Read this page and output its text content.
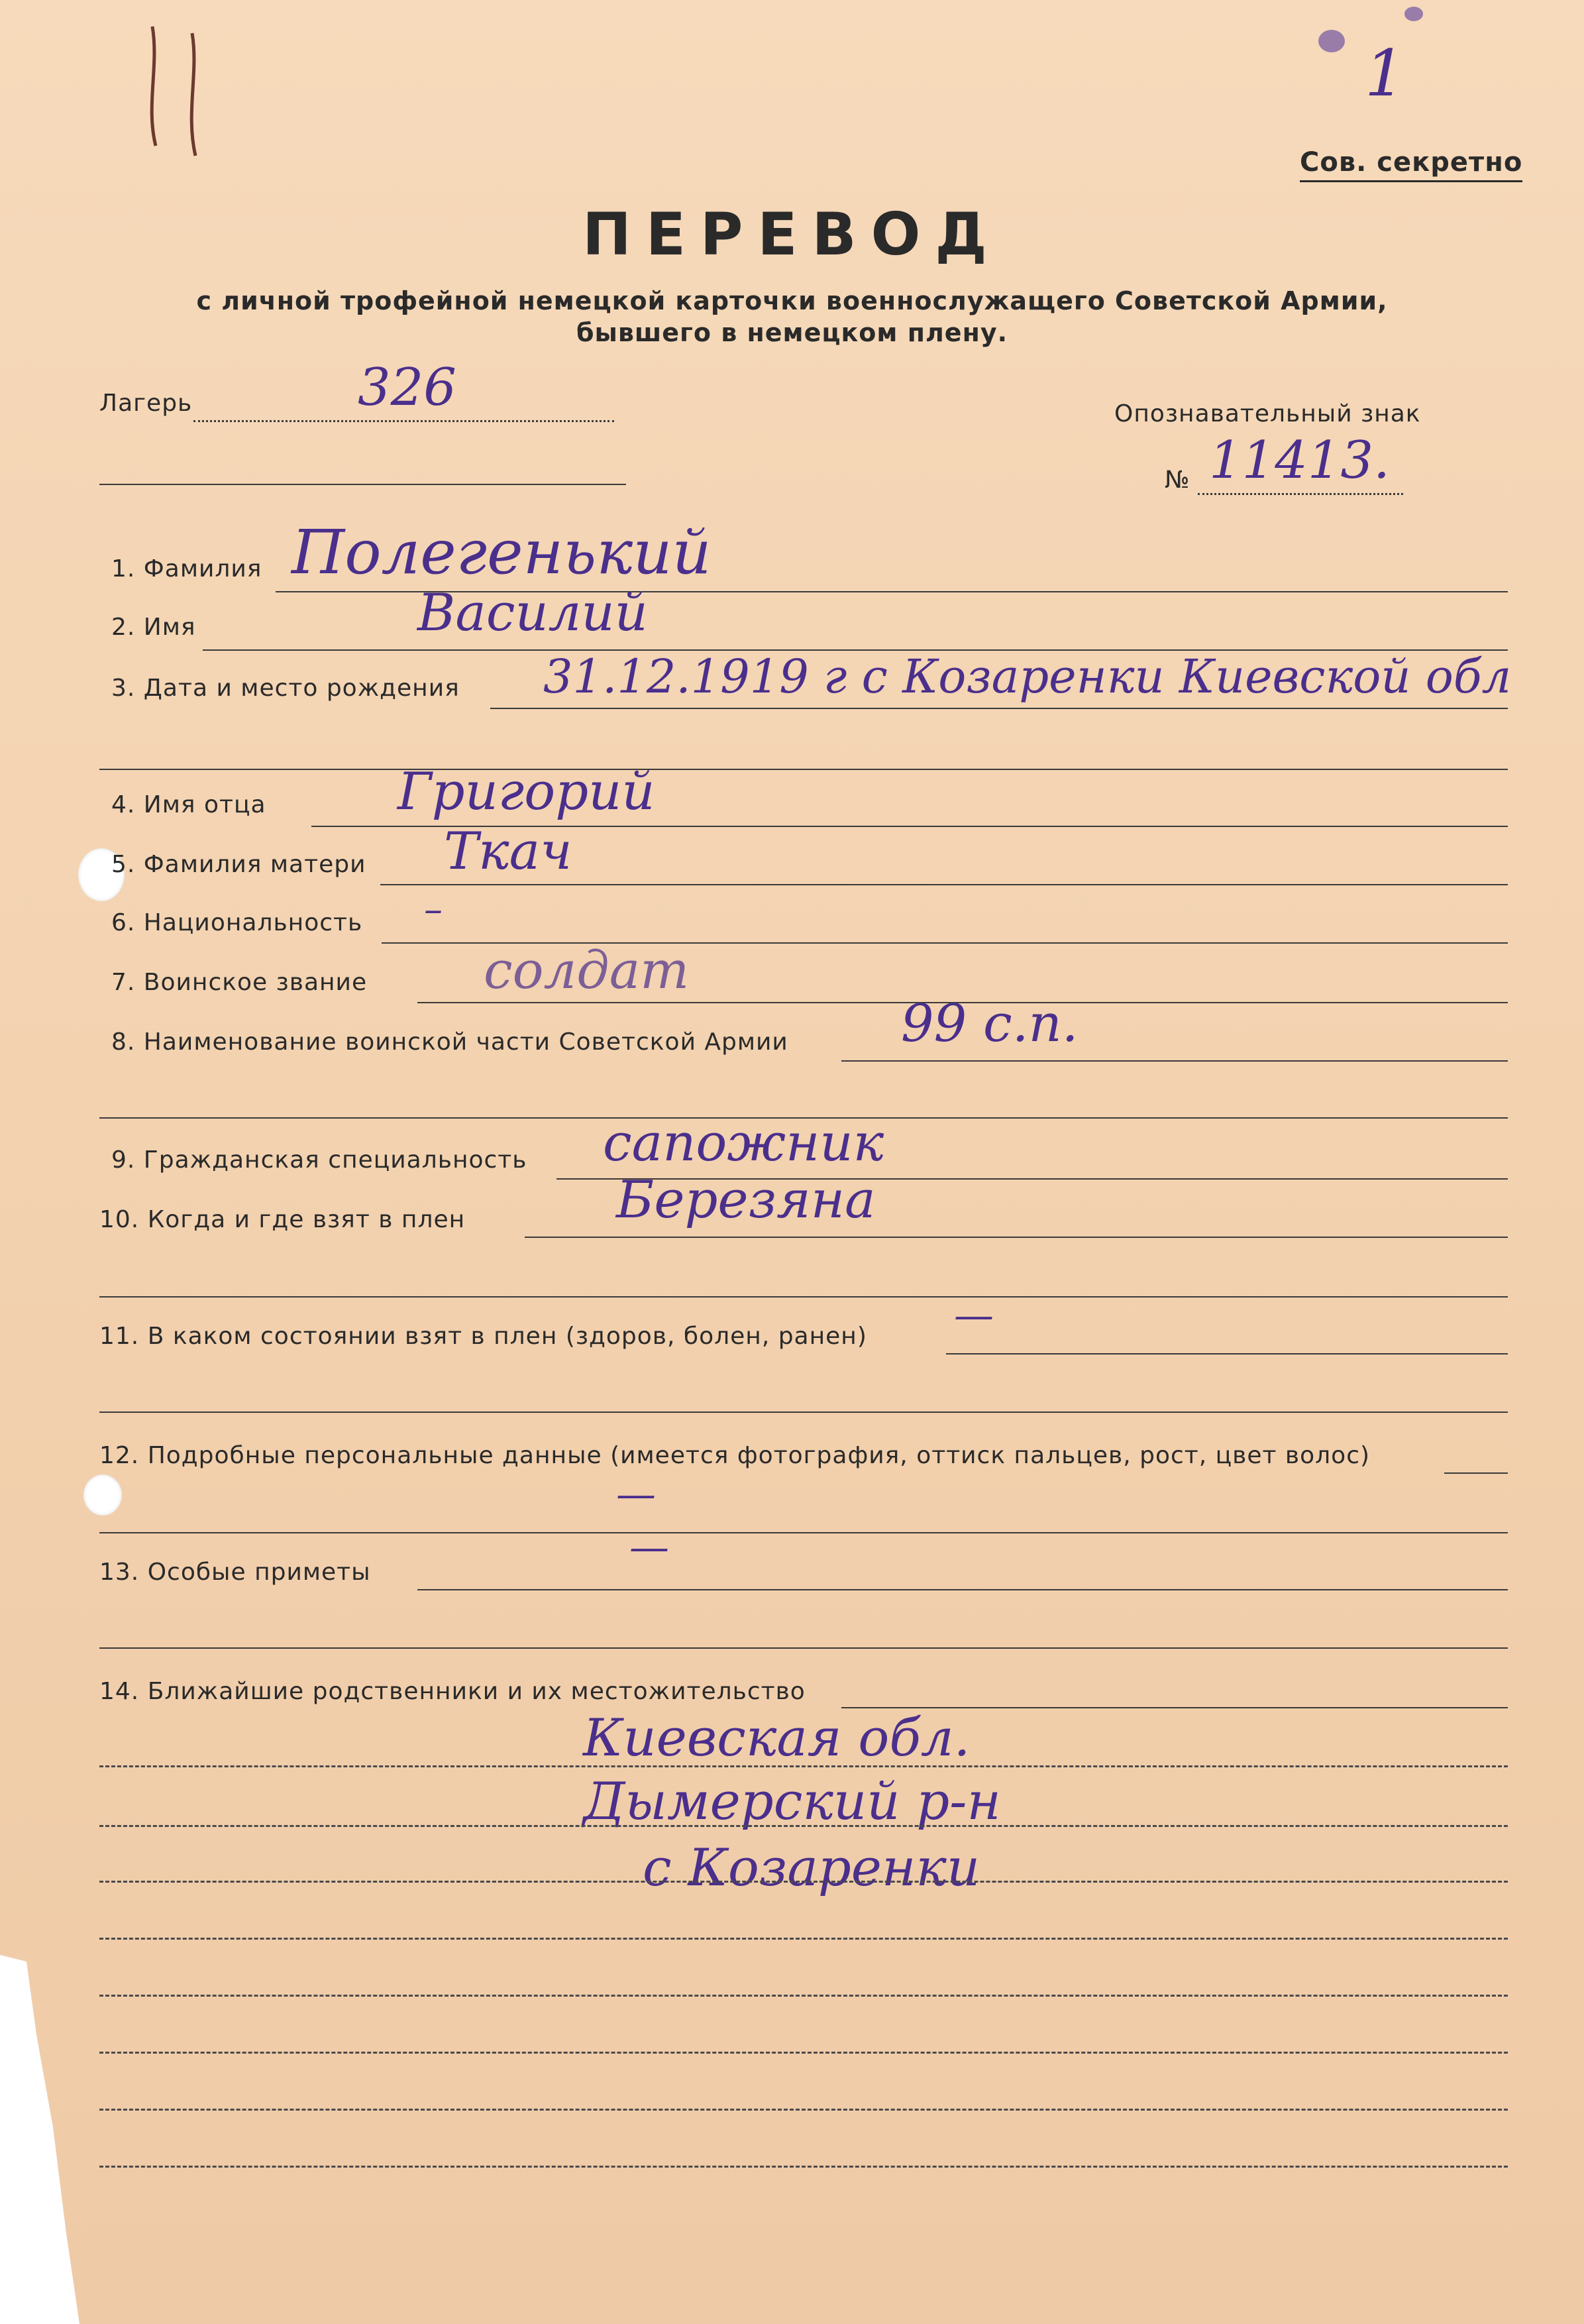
1
Сов. секретно
ПЕРЕВОД
с личной трофейной немецкой карточки военнослужащего Советской Армии,
бывшего в немецком плену.
Лагерь	326	Опознавательный знак
№ 11413.
1. Фамилия Полегенький
2. Имя	Василий
3. Дата и место рождения 31.12.1919 г с Козаренки Киевской обл
4. Имя отца	Григорий
5. Фамилия матери Ткач
6. Национальность –
7. Воинское звание солдат
8. Наименование воинской части Советской Армии 99 с.п.
9. Гражданская специальность сапожник
10. Когда и где взят в плен	Березяна
11. В каком состоянии взят в плен (здоров, болен, ранен) —
12. Подробные персональные данные (имеется фотография, оттиск пальцев, рост, цвет волос)
—
13. Особые приметы
—
14. Ближайшие родственники и их местожительство
Киевская обл.
Дымерский р-н
с Козаренки
